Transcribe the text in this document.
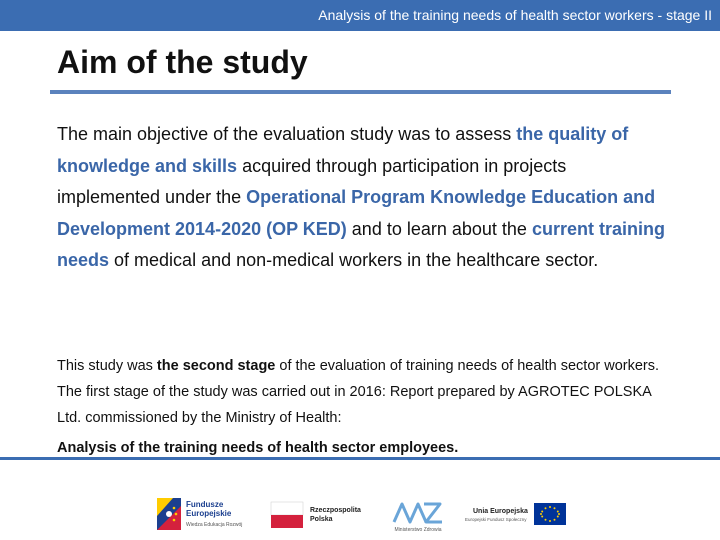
Analysis of the training needs of health sector workers - stage II
Aim of the study

The main objective of the evaluation study was to assess the quality of knowledge and skills acquired through participation in projects implemented under the Operational Program Knowledge Education and Development 2014-2020 (OP KED) and to learn about the current training needs of medical and non-medical workers in the healthcare sector.

This study was the second stage of the evaluation of training needs of health sector workers. The first stage of the study was carried out in 2016: Report prepared by AGROTEC POLSKA Ltd. commissioned by the Ministry of Health:

Analysis of the training needs of health sector employees.

Fundusze
Europejskie
Wiedza Edukacja Rozwój
Rzeczpospolita
Polska
Ministerstwo Zdrowia
Unia Europejska
Europejski Fundusz Społeczny
